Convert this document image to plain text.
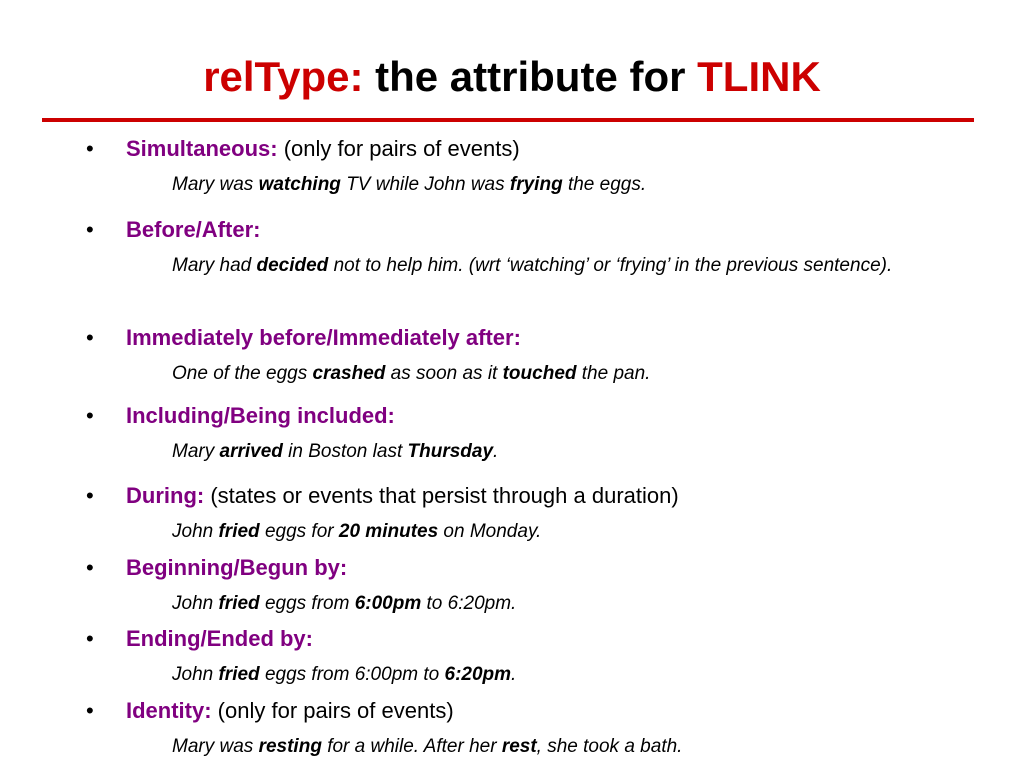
relType: the attribute for TLINK
• Simultaneous: (only for pairs of events)
Mary was watching TV while John was frying the eggs.
• Before/After:
Mary had decided not to help him. (wrt ‘watching’ or ‘frying’ in the previous sentence).
• Immediately before/Immediately after:
One of the eggs crashed as soon as it touched the pan.
• Including/Being included:
Mary arrived in Boston last Thursday.
• During: (states or events that persist through a duration)
John fried eggs for 20 minutes on Monday.
• Beginning/Begun by:
John fried eggs from 6:00pm to 6:20pm.
• Ending/Ended by:
John fried eggs from 6:00pm to 6:20pm.
• Identity: (only for pairs of events)
Mary was resting for a while. After her rest, she took a bath.
